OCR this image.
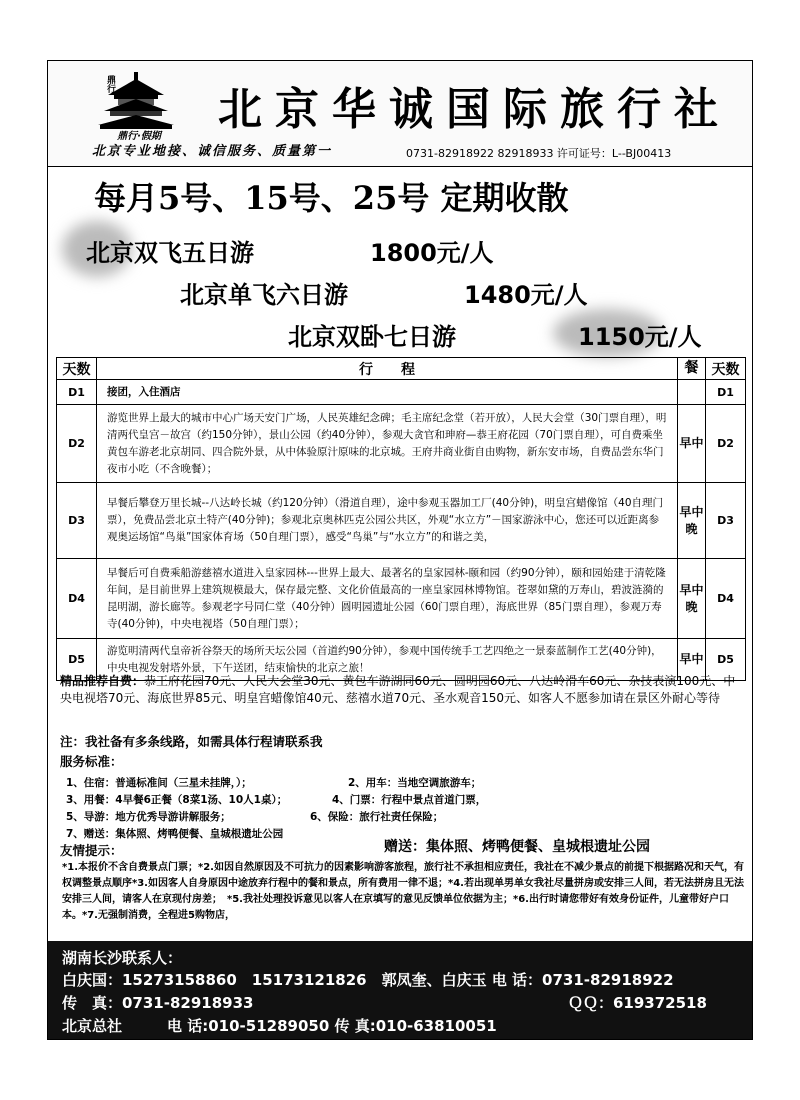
鼎行
鼎行·假期
北京华诚国际旅行社
北京专业地接、诚信服务、质量第一	0731-82918922 82918933 许可证号：L--BJ00413
每月5号、15号、25号 定期收散
北京双飞五日游	1800元/人
北京单飞六日游	1480元/人
北京双卧七日游	1150元/人
天数	行　　程	餐	天数
D1	接团，入住酒店		D1
D2	游览世界上最大的城市中心广场天安门广场，人民英雄纪念碑；毛主席纪念堂（若开放），人民大会堂（30门票自理），明清两代皇宫－故宫（约150分钟），景山公园（约40分钟），参观大贪官和珅府—恭王府花园（70门票自理），可自费乘坐黄包车游老北京胡同、四合院外景，从中体验原汁原味的北京城。王府井商业街自由购物，新东安市场，自费品尝东华门夜市小吃（不含晚餐）；	早中	D2
D3	早餐后攀登万里长城--八达岭长城（约120分钟）（滑道自理），途中参观玉器加工厂(40分钟)，明皇宫蜡像馆（40自理门票），免费品尝北京土特产(40分钟)；参观北京奥林匹克公园公共区，外观“水立方”－国家游泳中心，您还可以近距离参观奥运场馆“鸟巢”国家体育场（50自理门票），感受“鸟巢”与“水立方”的和谐之美，	早中晚	D3
D4	早餐后可自费乘船游慈禧水道进入皇家园林---世界上最大、最著名的皇家园林-颐和园（约90分钟），颐和园始建于清乾隆年间，是目前世界上建筑规模最大，保存最完整、文化价值最高的一座皇家园林博物馆。苍翠如黛的万寿山，碧波涟漪的昆明湖，游长廊等。参观老字号同仁堂（40分钟）圆明园遗址公园（60门票自理），海底世界（85门票自理），参观万寿寺(40分钟)，中央电视塔（50自理门票）；	早中晚	D4
D5	游览明清两代皇帝祈谷祭天的场所天坛公园（首道约90分钟），参观中国传统手工艺四绝之一景泰蓝制作工艺(40分钟)，中央电视发射塔外景，下午送团，结束愉快的北京之旅！	早中	D5
精品推荐自费：恭王府花园70元、人民大会堂30元、黄包车游湖同60元、圆明园60元、八达岭滑车60元、杂技表演100元、中央电视塔70元、海底世界85元、明皇宫蜡像馆40元、慈禧水道70元、圣水观音150元、如客人不愿参加请在景区外耐心等待
注：我社备有多条线路，如需具体行程请联系我
服务标准：
1、住宿：普通标准间（三星未挂牌，）；	2、用车：当地空调旅游车；
3、用餐：4早餐6正餐（8菜1汤、10人1桌）；	4、门票：行程中景点首道门票，
5、导游：地方优秀导游讲解服务；	6、保险：旅行社责任保险；
7、赠送：集体照、烤鸭便餐、皇城根遗址公园
友情提示：	赠送：集体照、烤鸭便餐、皇城根遗址公园
*1.本报价不含自费景点门票；*2.如因自然原因及不可抗力的因素影响游客旅程，旅行社不承担相应责任，我社在不减少景点的前提下根据路况和天气，有权调整景点顺序*3.如因客人自身原因中途放弃行程中的餐和景点，所有费用一律不退；*4.若出现单男单女我社尽量拼房或安排三人间，若无法拼房且无法安排三人间，请客人在京现付房差；　*5.我社处理投诉意见以客人在京填写的意见反馈单位依据为主；*6.出行时请您带好有效身份证件，儿童带好户口本。*7.无强制消费，全程进5购物店，
湖南长沙联系人：
白庆国：15273158860　15173121826　郭凤奎、白庆玉 电 话：0731-82918922
传　真：0731-82918933	ＱＱ：619372518
北京总社　　　电 话:010-51289050 传 真:010-63810051
